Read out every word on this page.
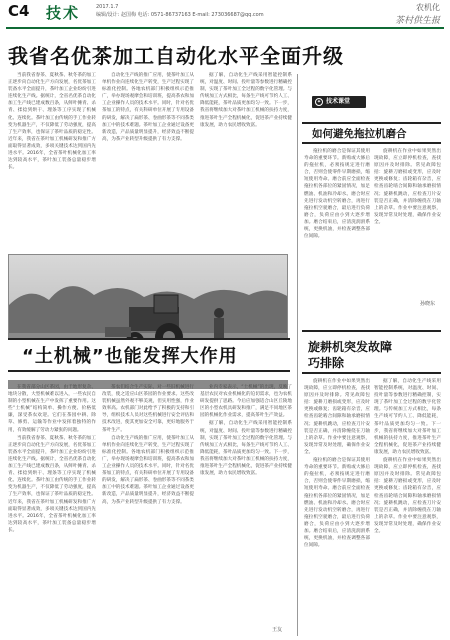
C4 技术	2017.1.7
编辑/设计: 赵国梅 电话: 0571-86737163 E-mail: 273036687@qq.com
农机化
茶村供生报
我省名优茶加工自动化水平全面升级

当前我省春茶、夏秋茶、秋冬茶的加工正逐步向自动化生产方向发展，名优茶加工装备水平全面提升，茶叶加工企业纷纷引进连续化生产线。据统计，全省名优茶自动化加工生产线已建成数百条，从鲜叶摊青、杀青、揉捻到烘干、理条等工序实现了机械化、连续化。茶叶加工由传统的手工作业转变为机器生产，不仅降低了劳动强度，提高了生产效率，也保证了茶叶品质的稳定性。近年来，我省在茶叶加工机械研发和推广方面取得显著成效，多项关键技术达到国内先进水平。2016年，全省茶叶机械化加工率达到较高水平，茶叶加工装备总量稳步增长。

自动化生产线的推广应用，使茶叶加工从单机作业向连续化生产转变，生产过程实现了标准化控制。各地农机部门积极组织示范推广，举办现场观摩会和培训班，提高茶农和加工企业操作人员的技术水平。同时，针对名优茶加工的特点，有关科研单位开展了专用设备的研发，解决了扁形茶、卷曲形茶等不同茶类加工中的技术难题。茶叶加工企业通过设备更新改造，产品质量明显提升，经济效益不断提高，为茶产业转型升级提供了有力支撑。

据了解，自动化生产线采用智能控制系统，对温度、时间、投叶量等参数进行精确控制，实现了茶叶加工全过程的数字化管理。与传统加工方式相比，每条生产线可节约人工、降低能耗，茶叶品质更加均匀一致。下一步，我省将继续加大对茶叶加工机械的扶持力度，推进茶叶生产全程机械化，促进茶产业持续健康发展，助力农民增收致富。

✦ 技术课堂
如何避免拖拉机磨合

拖拉机的磨合是保证其使用寿命的重要环节。新购或大修后的拖拉机，必须按规定进行磨合，否则会使零件早期磨损，缩短使用寿命。磨合前应全面检查拖拉机各部位的紧固情况，加足燃油、机油和冷却水。磨合时应先进行发动机空转磨合，再进行拖拉机空驶磨合，最后进行负荷磨合，负荷应由小到大逐步增加。磨合结束后，应清洗润滑系统，更换机油，并检查调整各部位间隙。

旋耕机在作业中如果突然出现故障，应立即停机检查，查找原因并及时排除。常见故障包括：旋耕刀磨损或变形，应及时更换或修复；齿轮箱有杂音，应检查齿轮啮合间隙和轴承磨损情况；旋耕机跳动，应检查刀片安装是否正确，并清除缠绕在刀轴上的杂草。作业中要注意观察，发现异常及时处理，确保作业安全。

“土机械”也能发挥大作用

在我省部分山区茶园，由于地形复杂、地块分散，大型机械难以进入，一些农民自制的小型机械在生产中发挥了重要作用。这些“土机械”结构简单、操作方便、价格低廉，深受茶农欢迎。它们在茶园中耕、除草、修剪、运输等作业中发挥着独特的作用，有效缓解了劳动力紧张的问题。

当前我省春茶、夏秋茶、秋冬茶的加工正逐步向自动化生产方向发展，名优茶加工装备水平全面提升，茶叶加工企业纷纷引进连续化生产线。据统计，全省名优茶自动化加工生产线已建成数百条，从鲜叶摊青、杀青、揉捻到烘干、理条等工序实现了机械化、连续化。茶叶加工由传统的手工作业转变为机器生产，不仅降低了劳动强度，提高了生产效率，也保证了茶叶品质的稳定性。近年来，我省在茶叶加工机械研发和推广方面取得显著成效，多项关键技术达到国内先进水平。2016年，全省茶叶机械化加工率达到较高水平，茶叶加工装备总量稳步增长。

茶农们结合生产实际，对一些旧机械进行改装，使之适应山区茶园的作业要求。这些改装机械虽然外观不够美观，但实用性强，作业效率高。农机部门对此给予了积极的支持和引导，组织技术人员对这些机械进行安全评估和技术改进，使其更加安全可靠，更好地服务于茶叶生产。

自动化生产线的推广应用，使茶叶加工从单机作业向连续化生产转变，生产过程实现了标准化控制。各地农机部门积极组织示范推广，举办现场观摩会和培训班，提高茶农和加工企业操作人员的技术水平。同时，针对名优茶加工的特点，有关科研单位开展了专用设备的研发，解决了扁形茶、卷曲形茶等不同茶类加工中的技术难题。茶叶加工企业通过设备更新改造，产品质量明显提升，经济效益不断提高，为茶产业转型升级提供了有力支撑。

业内专家表示，“土机械”的出现，反映了基层农民对农业机械化的迫切需求，也为农机研发提供了思路。今后应加强适合山区丘陵地区的小型农机具研发和推广，满足不同地区茶园的机械化作业需求，提高茶叶生产效益。

据了解，自动化生产线采用智能控制系统，对温度、时间、投叶量等参数进行精确控制，实现了茶叶加工全过程的数字化管理。与传统加工方式相比，每条生产线可节约人工、降低能耗，茶叶品质更加均匀一致。下一步，我省将继续加大对茶叶加工机械的扶持力度，推进茶叶生产全程机械化，促进茶产业持续健康发展，助力农民增收致富。

王友
旋耕机突发故障
巧排除

旋耕机在作业中如果突然出现故障，应立即停机检查，查找原因并及时排除。常见故障包括：旋耕刀磨损或变形，应及时更换或修复；齿轮箱有杂音，应检查齿轮啮合间隙和轴承磨损情况；旋耕机跳动，应检查刀片安装是否正确，并清除缠绕在刀轴上的杂草。作业中要注意观察，发现异常及时处理，确保作业安全。

拖拉机的磨合是保证其使用寿命的重要环节。新购或大修后的拖拉机，必须按规定进行磨合，否则会使零件早期磨损，缩短使用寿命。磨合前应全面检查拖拉机各部位的紧固情况，加足燃油、机油和冷却水。磨合时应先进行发动机空转磨合，再进行拖拉机空驶磨合，最后进行负荷磨合，负荷应由小到大逐步增加。磨合结束后，应清洗润滑系统，更换机油，并检查调整各部位间隙。

据了解，自动化生产线采用智能控制系统，对温度、时间、投叶量等参数进行精确控制，实现了茶叶加工全过程的数字化管理。与传统加工方式相比，每条生产线可节约人工、降低能耗，茶叶品质更加均匀一致。下一步，我省将继续加大对茶叶加工机械的扶持力度，推进茶叶生产全程机械化，促进茶产业持续健康发展，助力农民增收致富。

旋耕机在作业中如果突然出现故障，应立即停机检查，查找原因并及时排除。常见故障包括：旋耕刀磨损或变形，应及时更换或修复；齿轮箱有杂音，应检查齿轮啮合间隙和轴承磨损情况；旋耕机跳动，应检查刀片安装是否正确，并清除缠绕在刀轴上的杂草。作业中要注意观察，发现异常及时处理，确保作业安全。

孙晓东
